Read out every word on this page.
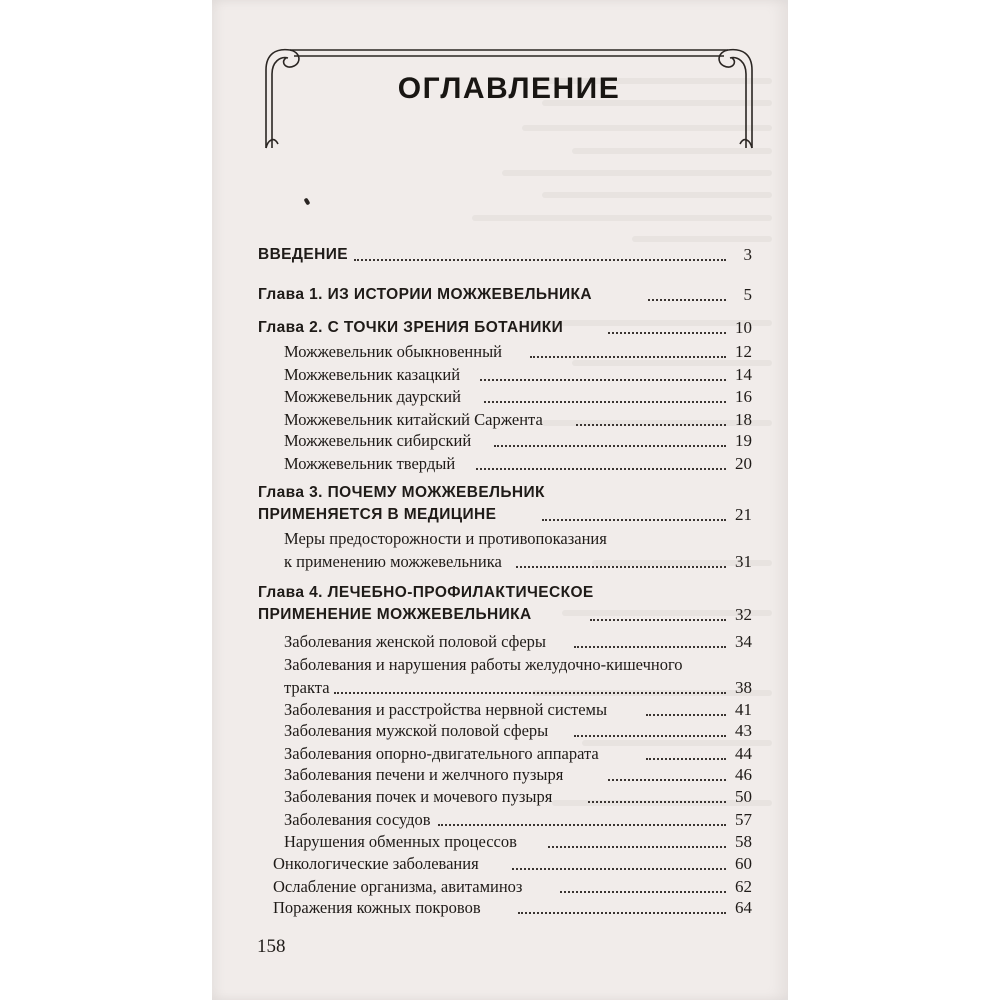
ОГЛАВЛЕНИЕ
ВВЕДЕНИЕ	3
Глава 1. ИЗ ИСТОРИИ МОЖЖЕВЕЛЬНИКА	5
Глава 2. С ТОЧКИ ЗРЕНИЯ БОТАНИКИ	10
Можжевельник обыкновенный	12
Можжевельник казацкий	14
Можжевельник даурский	16
Можжевельник китайский Саржента	18
Можжевельник сибирский	19
Можжевельник твердый	20
Глава 3. ПОЧЕМУ МОЖЖЕВЕЛЬНИК
ПРИМЕНЯЕТСЯ В МЕДИЦИНЕ	21
Меры предосторожности и противопоказания
к применению можжевельника	31
Глава 4. ЛЕЧЕБНО-ПРОФИЛАКТИЧЕСКОЕ
ПРИМЕНЕНИЕ МОЖЖЕВЕЛЬНИКА	32
Заболевания женской половой сферы	34
Заболевания и нарушения работы желудочно-кишечного
тракта	38
Заболевания и расстройства нервной системы	41
Заболевания мужской половой сферы	43
Заболевания опорно-двигательного аппарата	44
Заболевания печени и желчного пузыря	46
Заболевания почек и мочевого пузыря	50
Заболевания сосудов	57
Нарушения обменных процессов	58
Онкологические заболевания	60
Ослабление организма, авитаминоз	62
Поражения кожных покровов	64
158
